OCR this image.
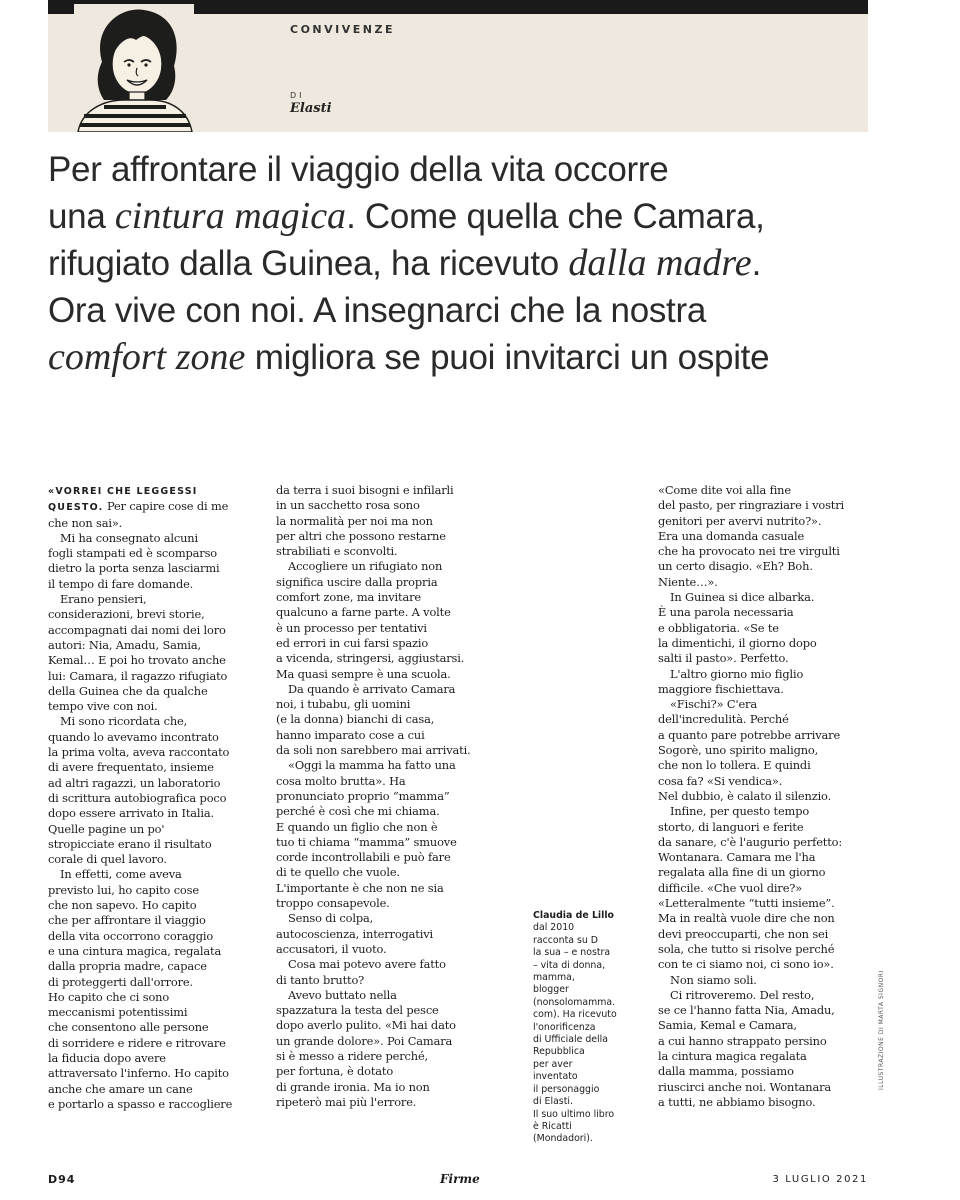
CONVIVENZE
DI
Elasti
Per affrontare il viaggio della vita occorre
una cintura magica. Come quella che Camara,
rifugiato dalla Guinea, ha ricevuto dalla madre.
Ora vive con noi. A insegnarci che la nostra
comfort zone migliora se puoi invitarci un ospite

«VORREI CHE LEGGESSI
QUESTO. Per capire cose di me

che non sai».

Mi ha consegnato alcuni
fogli stampati ed è scomparso
dietro la porta senza lasciarmi
il tempo di fare domande.

Erano pensieri,
considerazioni, brevi storie,
accompagnati dai nomi dei loro
autori: Nia, Amadu, Samia,
Kemal… E poi ho trovato anche
lui: Camara, il ragazzo rifugiato
della Guinea che da qualche
tempo vive con noi.

Mi sono ricordata che,
quando lo avevamo incontrato
la prima volta, aveva raccontato
di avere frequentato, insieme
ad altri ragazzi, un laboratorio
di scrittura autobiografica poco
dopo essere arrivato in Italia.
Quelle pagine un po'
stropicciate erano il risultato
corale di quel lavoro.

In effetti, come aveva
previsto lui, ho capito cose
che non sapevo. Ho capito
che per affrontare il viaggio
della vita occorrono coraggio
e una cintura magica, regalata
dalla propria madre, capace
di proteggerti dall'orrore.
Ho capito che ci sono
meccanismi potentissimi
che consentono alle persone
di sorridere e ridere e ritrovare
la fiducia dopo avere
attraversato l'inferno. Ho capito
anche che amare un cane
e portarlo a spasso e raccogliere

da terra i suoi bisogni e infilarli
in un sacchetto rosa sono
la normalità per noi ma non
per altri che possono restarne
strabiliati e sconvolti.

Accogliere un rifugiato non
significa uscire dalla propria
comfort zone, ma invitare
qualcuno a farne parte. A volte
è un processo per tentativi
ed errori in cui farsi spazio
a vicenda, stringersi, aggiustarsi.
Ma quasi sempre è una scuola.

Da quando è arrivato Camara
noi, i tubabu, gli uomini
(e la donna) bianchi di casa,
hanno imparato cose a cui
da soli non sarebbero mai arrivati.

«Oggi la mamma ha fatto una
cosa molto brutta». Ha
pronunciato proprio “mamma”
perché è così che mi chiama.
E quando un figlio che non è
tuo ti chiama “mamma” smuove
corde incontrollabili e può fare
di te quello che vuole.
L'importante è che non ne sia
troppo consapevole.

Senso di colpa,
autocoscienza, interrogativi
accusatori, il vuoto.

Cosa mai potevo avere fatto
di tanto brutto?

Avevo buttato nella
spazzatura la testa del pesce
dopo averlo pulito. «Mi hai dato
un grande dolore». Poi Camara
si è messo a ridere perché,
per fortuna, è dotato
di grande ironia. Ma io non
ripeterò mai più l'errore.

«Come dite voi alla fine
del pasto, per ringraziare i vostri
genitori per avervi nutrito?».
Era una domanda casuale
che ha provocato nei tre virgulti
un certo disagio. «Eh? Boh.
Niente…».

In Guinea si dice albarka.
È una parola necessaria
e obbligatoria. «Se te
la dimentichi, il giorno dopo
salti il pasto». Perfetto.

L'altro giorno mio figlio
maggiore fischiettava.

«Fischi?» C'era
dell'incredulità. Perché
a quanto pare potrebbe arrivare
Sogorè, uno spirito maligno,
che non lo tollera. E quindi
cosa fa? «Si vendica».
Nel dubbio, è calato il silenzio.

Infine, per questo tempo
storto, di languori e ferite
da sanare, c'è l'augurio perfetto:
Wontanara. Camara me l'ha
regalata alla fine di un giorno
difficile. «Che vuol dire?»
«Letteralmente “tutti insieme”.
Ma in realtà vuole dire che non
devi preoccuparti, che non sei
sola, che tutto si risolve perché
con te ci siamo noi, ci sono io».

Non siamo soli.

Ci ritroveremo. Del resto,
se ce l'hanno fatta Nia, Amadu,
Samia, Kemal e Camara,
a cui hanno strappato persino
la cintura magica regalata
dalla mamma, possiamo
riuscirci anche noi. Wontanara
a tutti, ne abbiamo bisogno.

Claudia de Lillo
dal 2010
racconta su D
la sua – e nostra
– vita di donna,
mamma,
blogger
(nonsolomamma.
com). Ha ricevuto
l'onorificenza
di Ufficiale della
Repubblica
per aver
inventato
il personaggio
di Elasti.
Il suo ultimo libro
è Ricatti
(Mondadori).
D94	Firme	3 LUGLIO 2021
ILLUSTRAZIONE DI MARTA SIGNORI
